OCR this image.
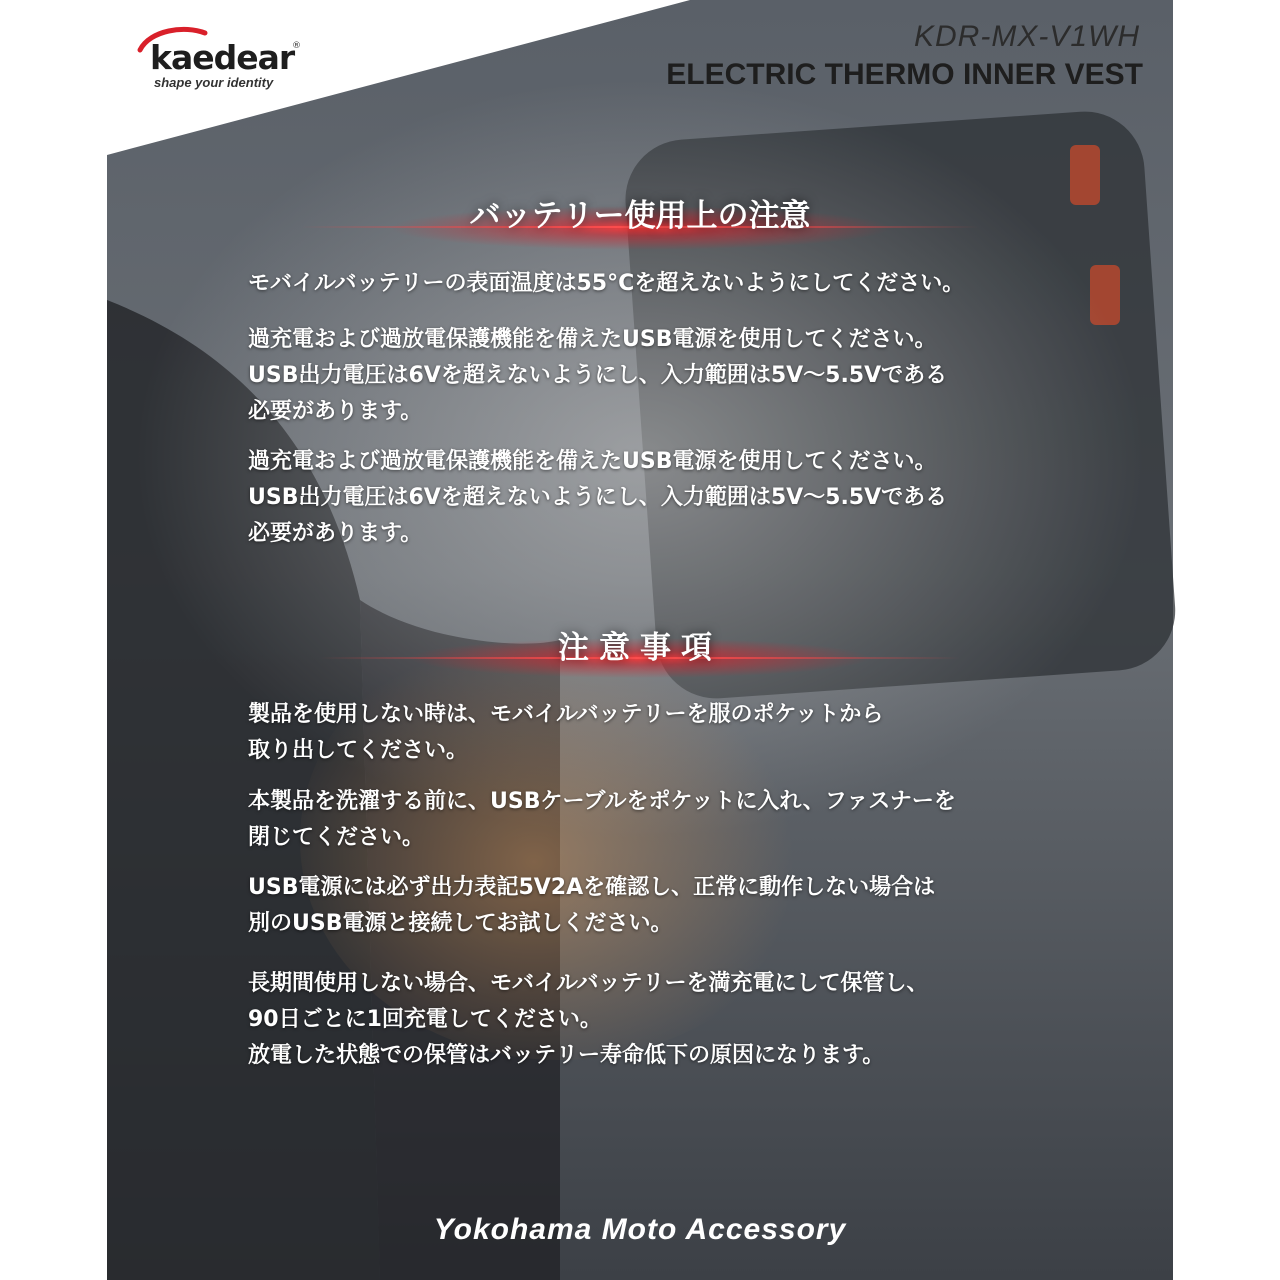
kaedear
®
shape your identity
KDR-MX-V1WH
ELECTRIC THERMO INNER VEST
バッテリー使用上の注意
モバイルバッテリーの表面温度は55°Cを超えないようにしてください。
過充電および過放電保護機能を備えたUSB電源を使用してください。
USB出力電圧は6Vを超えないようにし、入力範囲は5V～5.5Vである
必要があります。
過充電および過放電保護機能を備えたUSB電源を使用してください。
USB出力電圧は6Vを超えないようにし、入力範囲は5V～5.5Vである
必要があります。
注意事項
製品を使用しない時は、モバイルバッテリーを服のポケットから
取り出してください。
本製品を洗濯する前に、USBケーブルをポケットに入れ、ファスナーを
閉じてください。
USB電源には必ず出力表記5V2Aを確認し、正常に動作しない場合は
別のUSB電源と接続してお試しください。
長期間使用しない場合、モバイルバッテリーを満充電にして保管し、
90日ごとに1回充電してください。
放電した状態での保管はバッテリー寿命低下の原因になります。
Yokohama Moto Accessory
